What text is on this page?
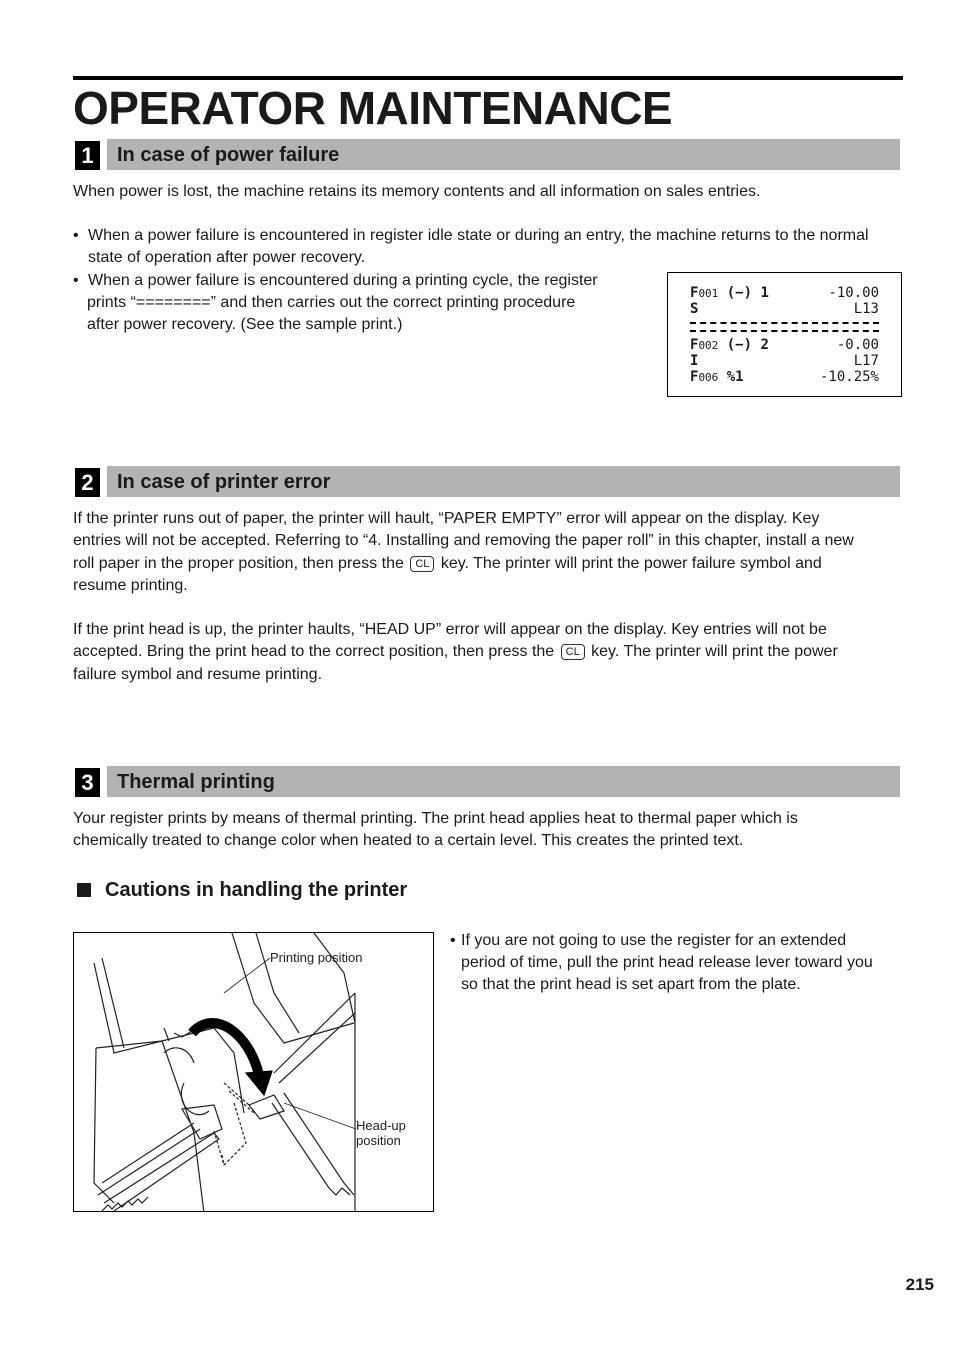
OPERATOR MAINTENANCE
1	In case of power failure

When power is lost, the machine retains its memory contents and all information on sales entries.

• When a power failure is encountered in register idle state or during an entry, the machine returns to the normal
state of operation after power recovery.
• When a power failure is encountered during a printing cycle, the register
prints “========” and then carries out the correct printing procedure
after power recovery. (See the sample print.)
F001 (−) 1	-10.00
S	L13
F002 (−) 2	-0.00
I	L17
F006 %1	-10.25%
2	In case of printer error
If the printer runs out of paper, the printer will hault, “PAPER EMPTY” error will appear on the display. Key
entries will not be accepted. Referring to “4. Installing and removing the paper roll” in this chapter, install a new
roll paper in the proper position, then press the CL key. The printer will print the power failure symbol and
resume printing.
If the print head is up, the printer haults, “HEAD UP” error will appear on the display. Key entries will not be
accepted. Bring the print head to the correct position, then press the CL key. The printer will print the power
failure symbol and resume printing.
3	Thermal printing
Your register prints by means of thermal printing. The print head applies heat to thermal paper which is
chemically treated to change color when heated to a certain level. This creates the printed text.
Cautions in handling the printer
Printing position
Head-up
position
• If you are not going to use the register for an extended
period of time, pull the print head release lever toward you
so that the print head is set apart from the plate.
215
